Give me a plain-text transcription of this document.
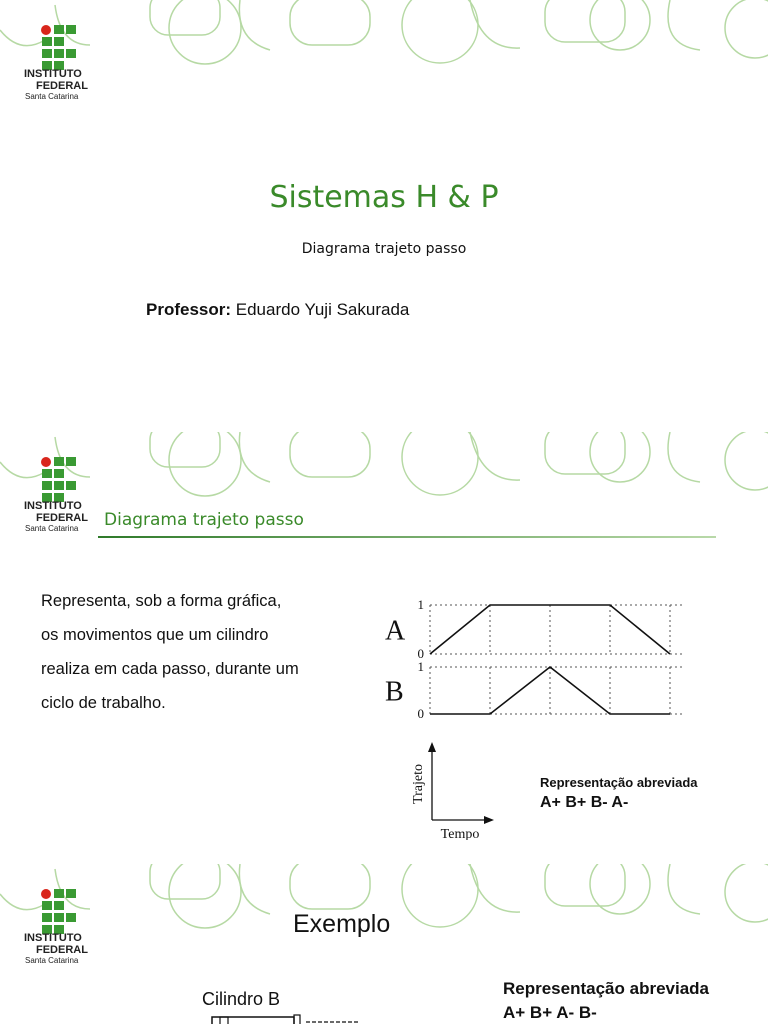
INSTITUTO
FEDERAL
Santa Catarina
Sistemas H & P
Diagrama trajeto passo
Professor: Eduardo Yuji Sakurada
INSTITUTO
FEDERAL
Santa Catarina Diagrama trajeto passo
Representa, sob a forma gráfica,
os movimentos que um cilindro
realiza em cada passo, durante um
ciclo de trabalho.
1
0
A
1
0
B
Trajeto
Tempo
Representação abreviada
A+ B+ B- A-
INSTITUTO
FEDERAL
Santa Catarina
Exemplo
Cilindro B
Representação abreviada
A+ B+ A- B-
